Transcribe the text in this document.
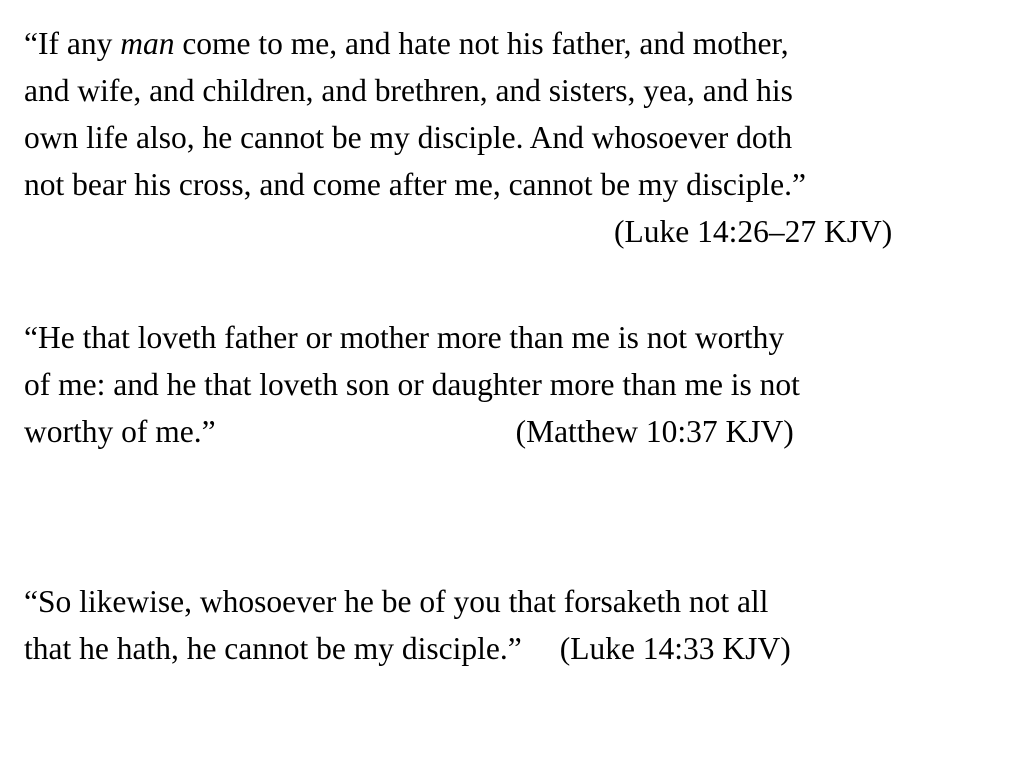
“If any man come to me, and hate not his father, and mother,
and wife, and children, and brethren, and sisters, yea, and his
own life also, he cannot be my disciple. And whosoever doth
not bear his cross, and come after me, cannot be my disciple.”
(Luke 14:26–27 KJV)

“He that loveth father or mother more than me is not worthy
of me: and he that loveth son or daughter more than me is not
worthy of me.”	(Matthew 10:37 KJV)

“So likewise, whosoever he be of you that forsaketh not all
that he hath, he cannot be my disciple.” (Luke 14:33 KJV)
